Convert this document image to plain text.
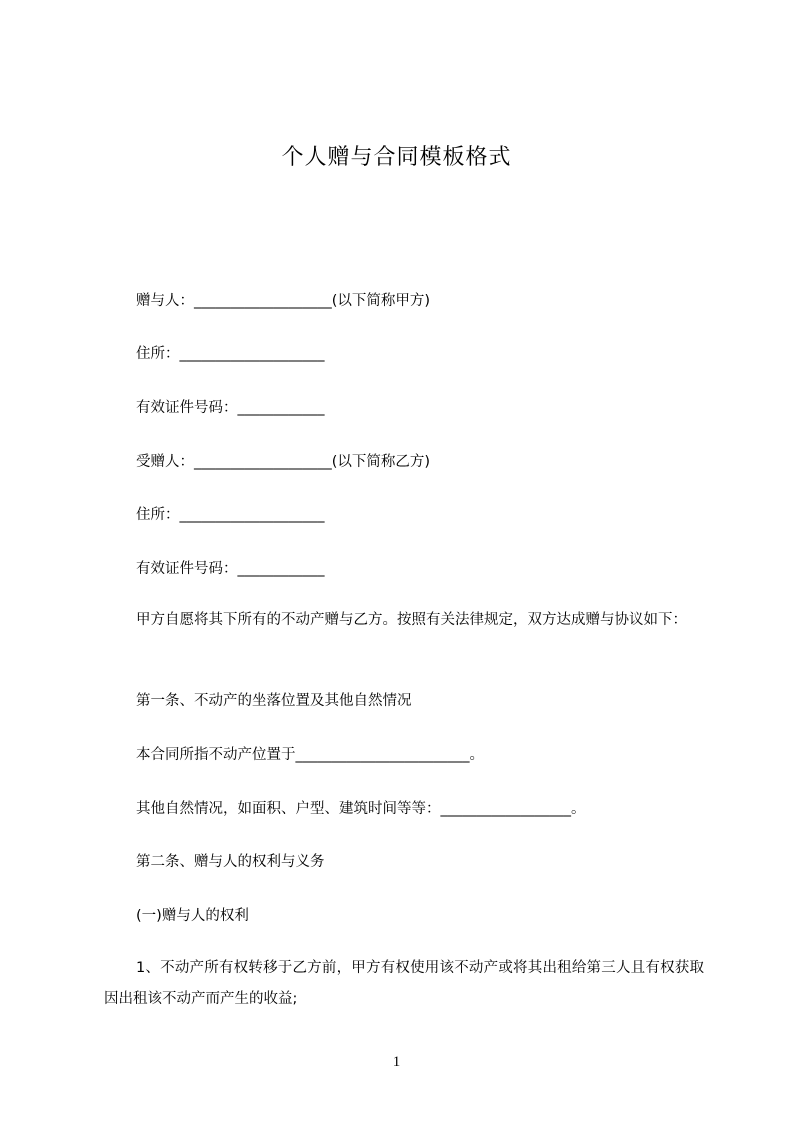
个人赠与合同模板格式
赠与人：___________________(以下简称甲方)
住所：____________________
有效证件号码：____________
受赠人：___________________(以下简称乙方)
住所：____________________
有效证件号码：____________
甲方自愿将其下所有的不动产赠与乙方。按照有关法律规定，双方达成赠与协议如下：
第一条、不动产的坐落位置及其他自然情况
本合同所指不动产位置于________________________。
其他自然情况，如面积、户型、建筑时间等等：__________________。
第二条、赠与人的权利与义务
(一)赠与人的权利
1、不动产所有权转移于乙方前，甲方有权使用该不动产或将其出租给第三人且有权获取因出租该不动产而产生的收益;
1
